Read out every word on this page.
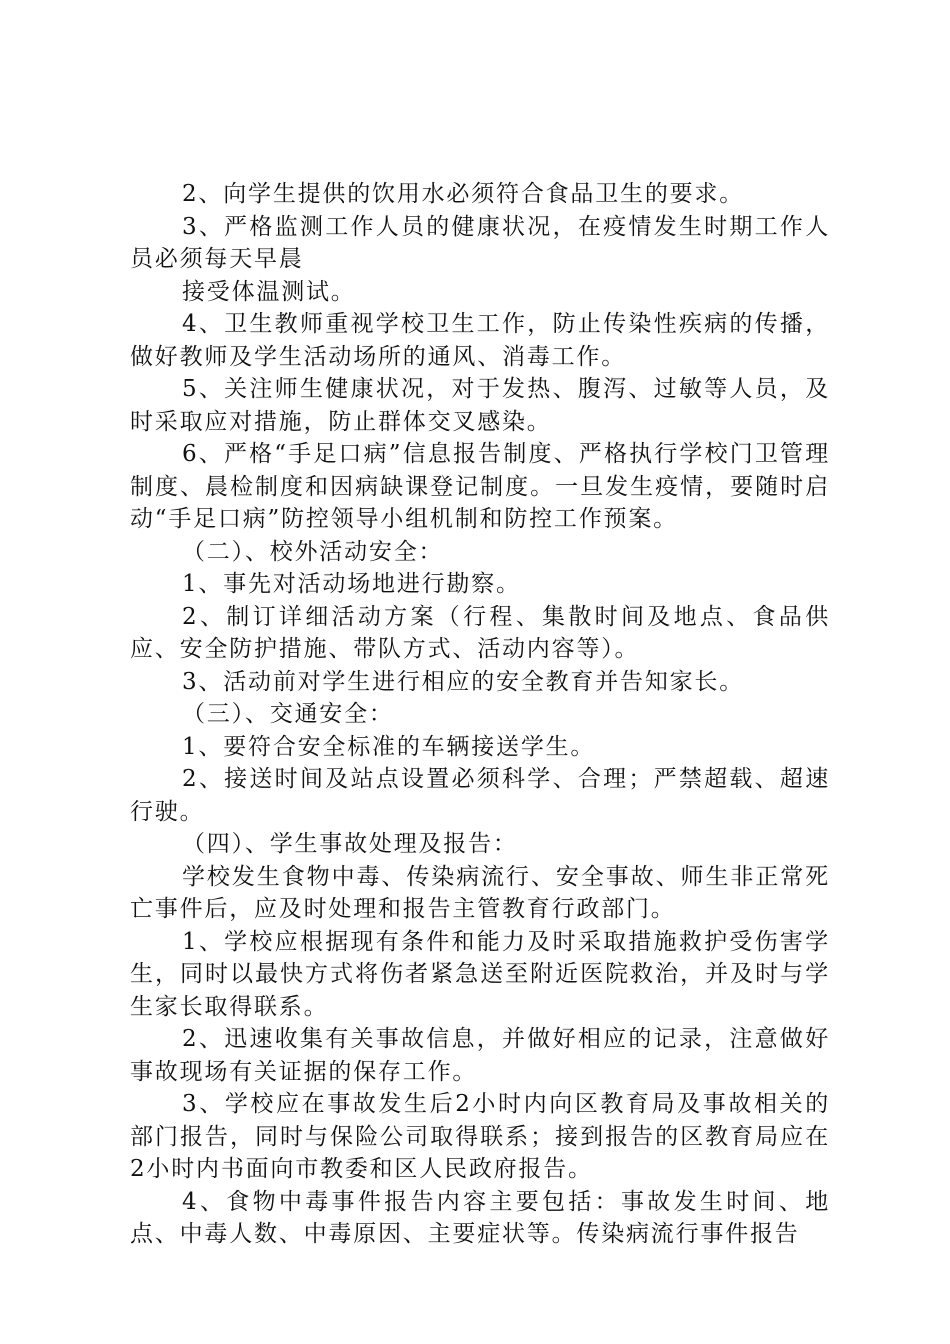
2、向学生提供的饮用水必须符合食品卫生的要求。

3、严格监测工作人员的健康状况，在疫情发生时期工作人员必须每天早晨

接受体温测试。

4、卫生教师重视学校卫生工作，防止传染性疾病的传播，做好教师及学生活动场所的通风、消毒工作。

5、关注师生健康状况，对于发热、腹泻、过敏等人员，及时采取应对措施，防止群体交叉感染。

6、严格“手足口病”信息报告制度、严格执行学校门卫管理制度、晨检制度和因病缺课登记制度。一旦发生疫情，要随时启动“手足口病”防控领导小组机制和防控工作预案。

（二）、校外活动安全：

1、事先对活动场地进行勘察。

2、制订详细活动方案（行程、集散时间及地点、食品供应、安全防护措施、带队方式、活动内容等）。

3、活动前对学生进行相应的安全教育并告知家长。

（三）、交通安全：

1、要符合安全标准的车辆接送学生。

2、接送时间及站点设置必须科学、合理；严禁超载、超速行驶。

（四）、学生事故处理及报告：

学校发生食物中毒、传染病流行、安全事故、师生非正常死亡事件后，应及时处理和报告主管教育行政部门。

1、学校应根据现有条件和能力及时采取措施救护受伤害学生，同时以最快方式将伤者紧急送至附近医院救治，并及时与学生家长取得联系。

2、迅速收集有关事故信息，并做好相应的记录，注意做好事故现场有关证据的保存工作。

3、学校应在事故发生后2小时内向区教育局及事故相关的部门报告，同时与保险公司取得联系；接到报告的区教育局应在2小时内书面向市教委和区人民政府报告。

4、食物中毒事件报告内容主要包括：事故发生时间、地点、中毒人数、中毒原因、主要症状等。传染病流行事件报告
